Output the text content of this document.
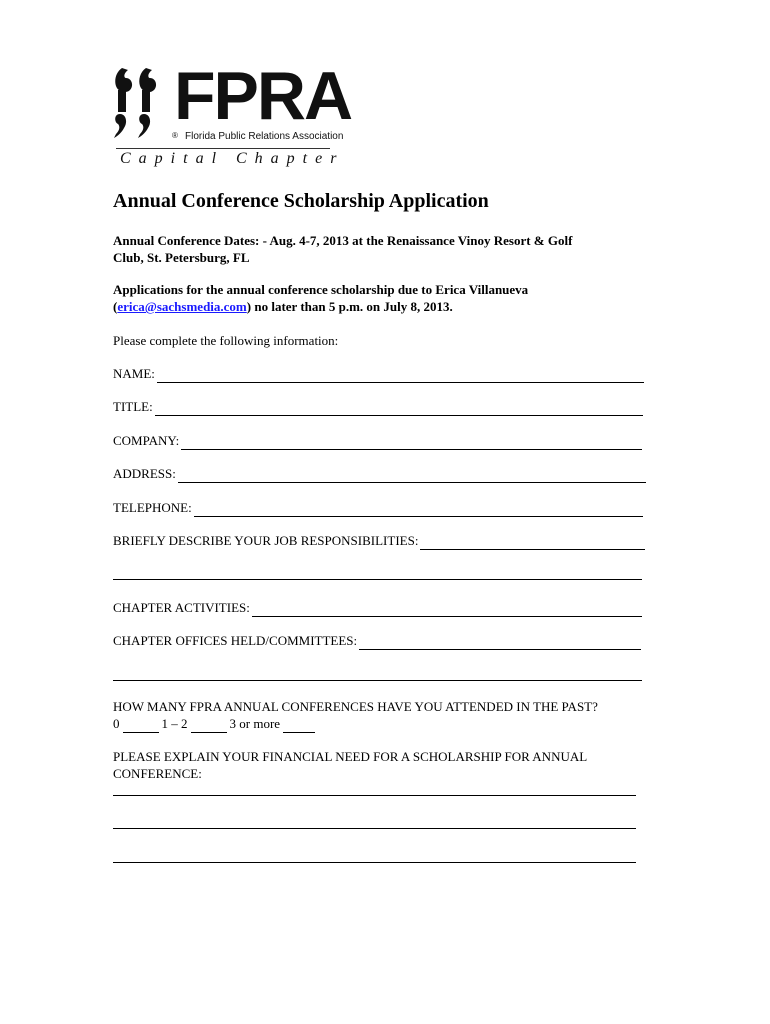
FPRA
® Florida Public Relations Association
Capital Chapter
Annual Conference Scholarship Application
Annual Conference Dates: - Aug. 4-7, 2013 at the Renaissance Vinoy Resort & Golf
Club, St. Petersburg, FL
Applications for the annual conference scholarship due to Erica Villanueva
(erica@sachsmedia.com) no later than 5 p.m. on July 8, 2013.
Please complete the following information:
NAME:
TITLE:
COMPANY:
ADDRESS:
TELEPHONE:
BRIEFLY DESCRIBE YOUR JOB RESPONSIBILITIES:
CHAPTER ACTIVITIES:
CHAPTER OFFICES HELD/COMMITTEES:
HOW MANY FPRA ANNUAL CONFERENCES HAVE YOU ATTENDED IN THE PAST?
0	1 – 2	3 or more
PLEASE EXPLAIN YOUR FINANCIAL NEED FOR A SCHOLARSHIP FOR ANNUAL
CONFERENCE:
